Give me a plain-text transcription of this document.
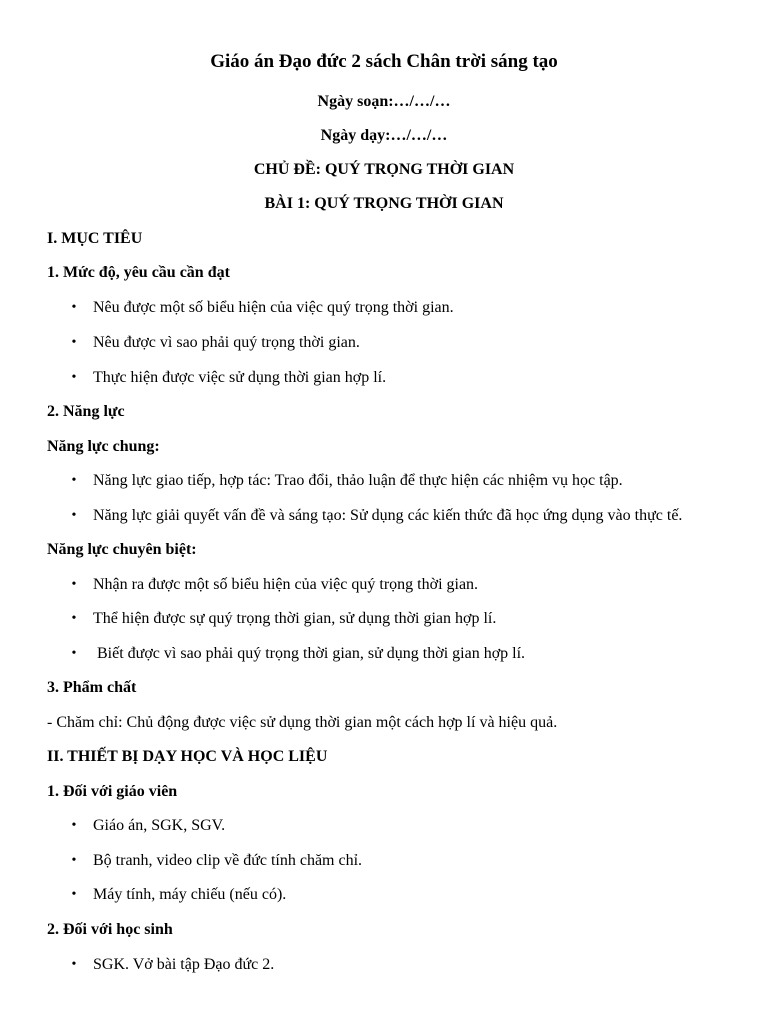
Giáo án Đạo đức 2 sách Chân trời sáng tạo
Ngày soạn:…/…/…
Ngày dạy:…/…/…
CHỦ ĐỀ: QUÝ TRỌNG THỜI GIAN
BÀI 1: QUÝ TRỌNG THỜI GIAN
I. MỤC TIÊU
1. Mức độ, yêu cầu cần đạt
• Nêu được một số biểu hiện của việc quý trọng thời gian.
• Nêu được vì sao phải quý trọng thời gian.
• Thực hiện được việc sử dụng thời gian hợp lí.
2. Năng lực
Năng lực chung:
• Năng lực giao tiếp, hợp tác: Trao đổi, thảo luận để thực hiện các nhiệm vụ học tập.
• Năng lực giải quyết vấn đề và sáng tạo: Sử dụng các kiến thức đã học ứng dụng vào thực tế.
Năng lực chuyên biệt:
• Nhận ra được một số biểu hiện của việc quý trọng thời gian.
• Thể hiện được sự quý trọng thời gian, sử dụng thời gian hợp lí.
• Biết được vì sao phải quý trọng thời gian, sử dụng thời gian hợp lí.
3. Phẩm chất
- Chăm chỉ: Chủ động được việc sử dụng thời gian một cách hợp lí và hiệu quả.
II. THIẾT BỊ DẠY HỌC VÀ HỌC LIỆU
1. Đối với giáo viên
• Giáo án, SGK, SGV.
• Bộ tranh, video clip về đức tính chăm chỉ.
• Máy tính, máy chiếu (nếu có).
2. Đối với học sinh
• SGK. Vở bài tập Đạo đức 2.
